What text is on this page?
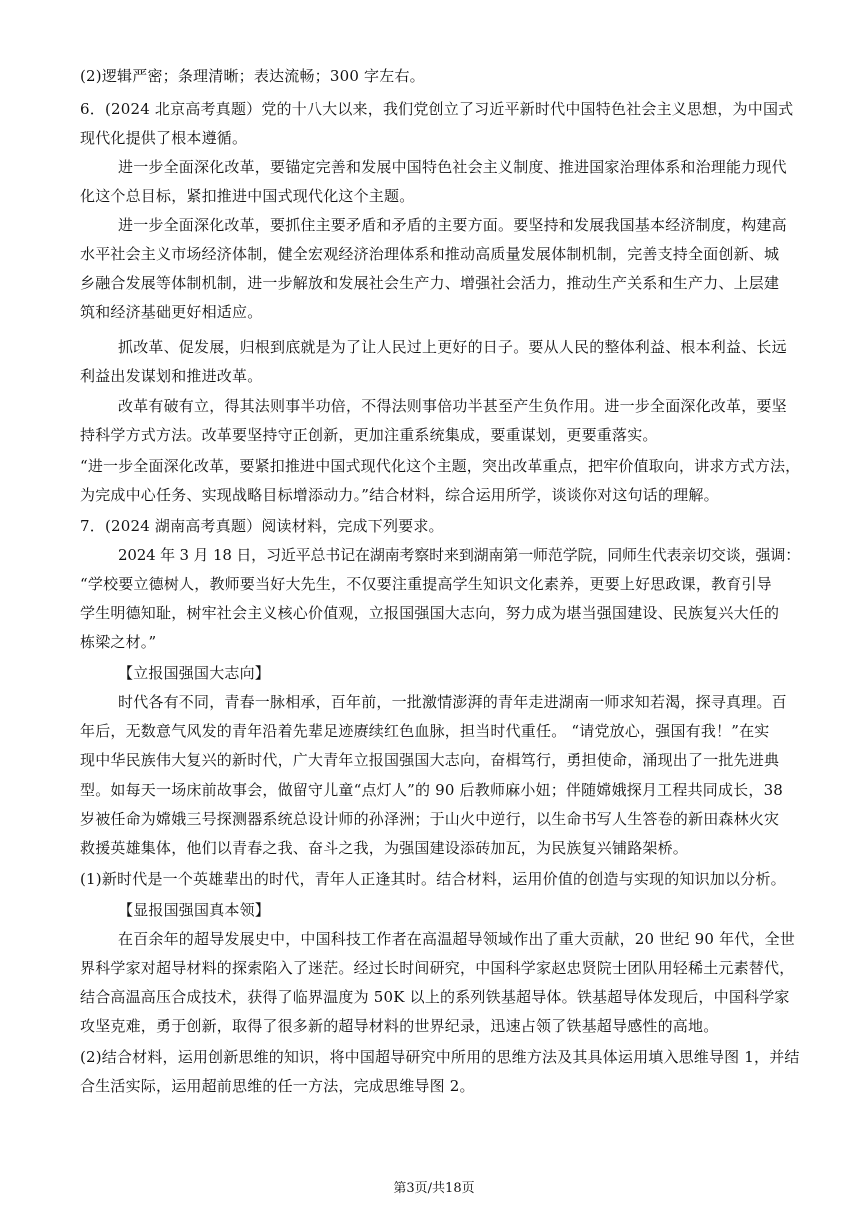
(2)逻辑严密；条理清晰；表达流畅；300 字左右。
6．(2024 北京高考真题）党的十八大以来，我们党创立了习近平新时代中国特色社会主义思想，为中国式
现代化提供了根本遵循。
进一步全面深化改革，要锚定完善和发展中国特色社会主义制度、推进国家治理体系和治理能力现代
化这个总目标，紧扣推进中国式现代化这个主题。
进一步全面深化改革，要抓住主要矛盾和矛盾的主要方面。要坚持和发展我国基本经济制度，构建高
水平社会主义市场经济体制，健全宏观经济治理体系和推动高质量发展体制机制，完善支持全面创新、城
乡融合发展等体制机制，进一步解放和发展社会生产力、增强社会活力，推动生产关系和生产力、上层建
筑和经济基础更好相适应。
抓改革、促发展，归根到底就是为了让人民过上更好的日子。要从人民的整体利益、根本利益、长远
利益出发谋划和推进改革。
改革有破有立，得其法则事半功倍，不得法则事倍功半甚至产生负作用。进一步全面深化改革，要坚
持科学方式方法。改革要坚持守正创新，更加注重系统集成，要重谋划，更要重落实。
“进一步全面深化改革，要紧扣推进中国式现代化这个主题，突出改革重点，把牢价值取向，讲求方式方法，
为完成中心任务、实现战略目标增添动力。”结合材料，综合运用所学，谈谈你对这句话的理解。
7．(2024 湖南高考真题）阅读材料，完成下列要求。
2024 年 3 月 18 日，习近平总书记在湖南考察时来到湖南第一师范学院，同师生代表亲切交谈，强调：
“学校要立德树人，教师要当好大先生，不仅要注重提高学生知识文化素养，更要上好思政课，教育引导
学生明德知耻，树牢社会主义核心价值观，立报国强国大志向，努力成为堪当强国建设、民族复兴大任的
栋梁之材。”
【立报国强国大志向】
时代各有不同，青春一脉相承，百年前，一批激情澎湃的青年走进湖南一师求知若渴，探寻真理。百
年后，无数意气风发的青年沿着先辈足迹赓续红色血脉，担当时代重任。 “请党放心，强国有我！”在实
现中华民族伟大复兴的新时代，广大青年立报国强国大志向，奋楫笃行，勇担使命，涌现出了一批先进典
型。如每天一场床前故事会，做留守儿童“点灯人”的 90 后教师麻小妞；伴随嫦娥探月工程共同成长，38
岁被任命为嫦娥三号探测器系统总设计师的孙泽洲；于山火中逆行，以生命书写人生答卷的新田森林火灾
救援英雄集体，他们以青春之我、奋斗之我，为强国建设添砖加瓦，为民族复兴铺路架桥。
(1)新时代是一个英雄辈出的时代，青年人正逢其时。结合材料，运用价值的创造与实现的知识加以分析。
【显报国强国真本领】
在百余年的超导发展史中，中国科技工作者在高温超导领域作出了重大贡献，20 世纪 90 年代，全世
界科学家对超导材料的探索陷入了迷茫。经过长时间研究，中国科学家赵忠贤院士团队用轻稀土元素替代，
结合高温高压合成技术，获得了临界温度为 50K 以上的系列铁基超导体。铁基超导体发现后，中国科学家
攻坚克难，勇于创新，取得了很多新的超导材料的世界纪录，迅速占领了铁基超导感性的高地。
(2)结合材料，运用创新思维的知识，将中国超导研究中所用的思维方法及其具体运用填入思维导图 1，并结
合生活实际，运用超前思维的任一方法，完成思维导图 2。
第3页/共18页
